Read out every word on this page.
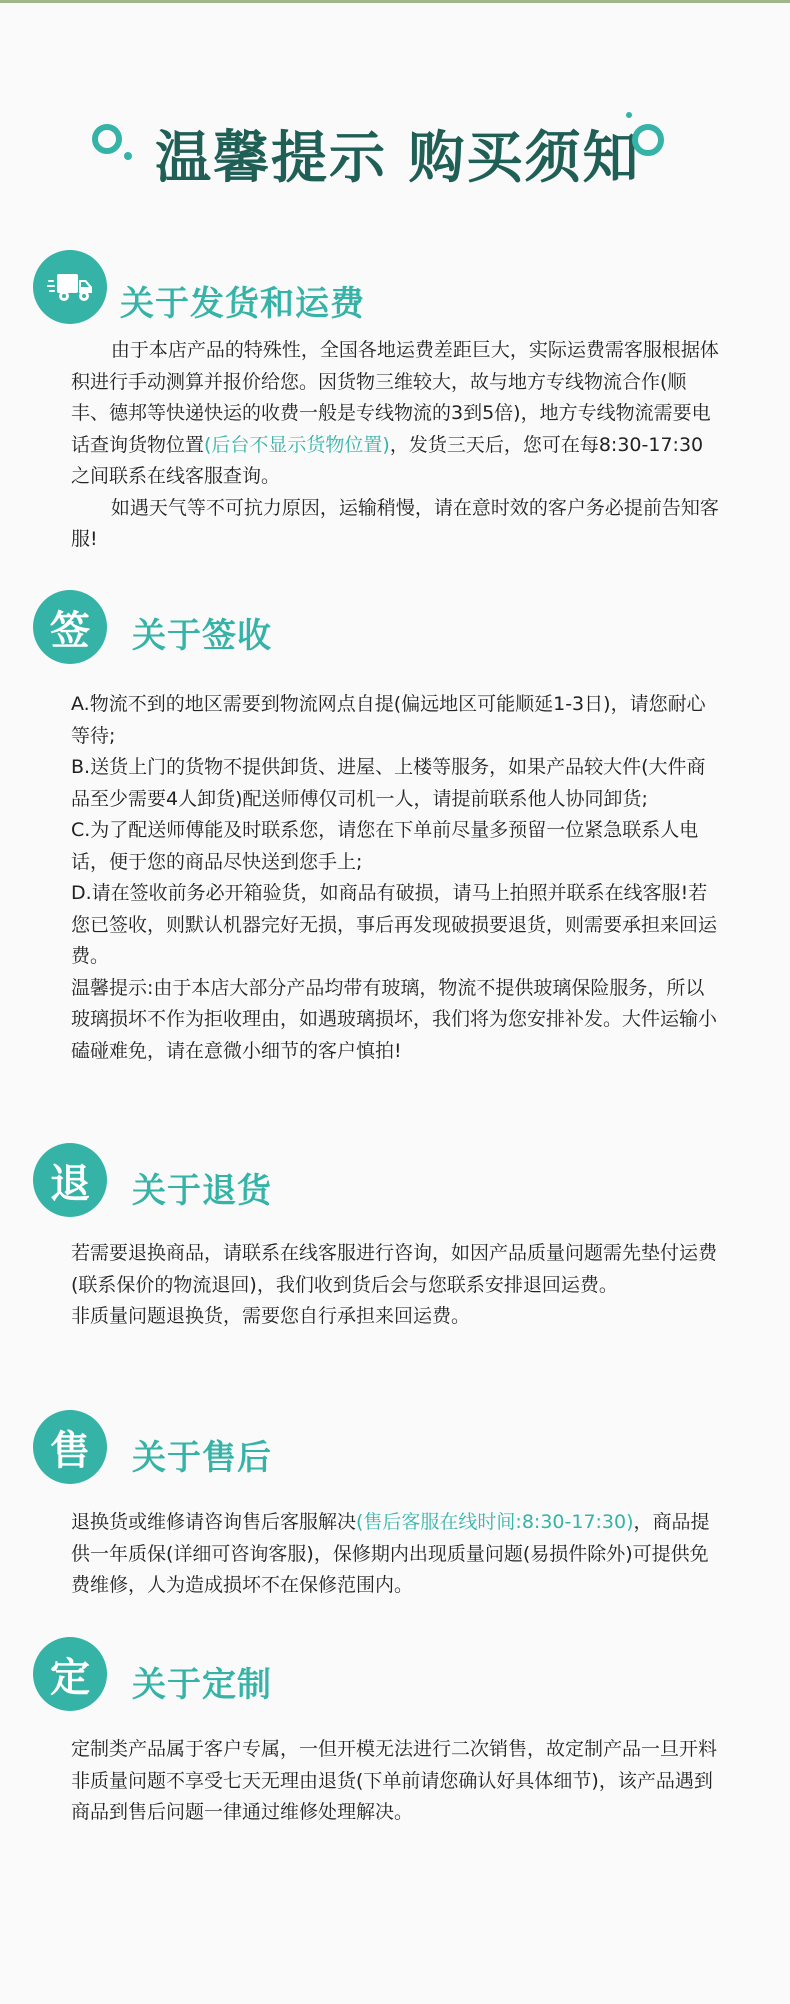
温馨提示 购买须知
关于发货和运费

由于本店产品的特殊性，全国各地运费差距巨大，实际运费需客服根据体积进行手动测算并报价给您。因货物三维较大，故与地方专线物流合作(顺丰、德邦等快递快运的收费一般是专线物流的3到5倍)，地方专线物流需要电话查询货物位置(后台不显示货物位置)，发货三天后，您可在每8:30-17:30之间联系在线客服查询。

如遇天气等不可抗力原因，运输稍慢，请在意时效的客户务必提前告知客服!

签	关于签收

A.物流不到的地区需要到物流网点自提(偏远地区可能顺延1-3日)，请您耐心等待;

B.送货上门的货物不提供卸货、进屋、上楼等服务，如果产品较大件(大件商品至少需要4人卸货)配送师傅仅司机一人，请提前联系他人协同卸货;

C.为了配送师傅能及时联系您，请您在下单前尽量多预留一位紧急联系人电话，便于您的商品尽快送到您手上;

D.请在签收前务必开箱验货，如商品有破损，请马上拍照并联系在线客服!若您已签收，则默认机器完好无损，事后再发现破损要退货，则需要承担来回运费。

温馨提示:由于本店大部分产品均带有玻璃，物流不提供玻璃保险服务，所以玻璃损坏不作为拒收理由，如遇玻璃损坏，我们将为您安排补发。大件运输小磕碰难免，请在意微小细节的客户慎拍!

退	关于退货

若需要退换商品，请联系在线客服进行咨询，如因产品质量问题需先垫付运费(联系保价的物流退回)，我们收到货后会与您联系安排退回运费。

非质量问题退换货，需要您自行承担来回运费。

售	关于售后

退换货或维修请咨询售后客服解决(售后客服在线时间:8:30-17:30)，商品提供一年质保(详细可咨询客服)，保修期内出现质量问题(易损件除外)可提供免费维修，人为造成损坏不在保修范围内。

定	关于定制

定制类产品属于客户专属，一但开模无法进行二次销售，故定制产品一旦开料非质量问题不享受七天无理由退货(下单前请您确认好具体细节)，该产品遇到商品到售后问题一律通过维修处理解决。
